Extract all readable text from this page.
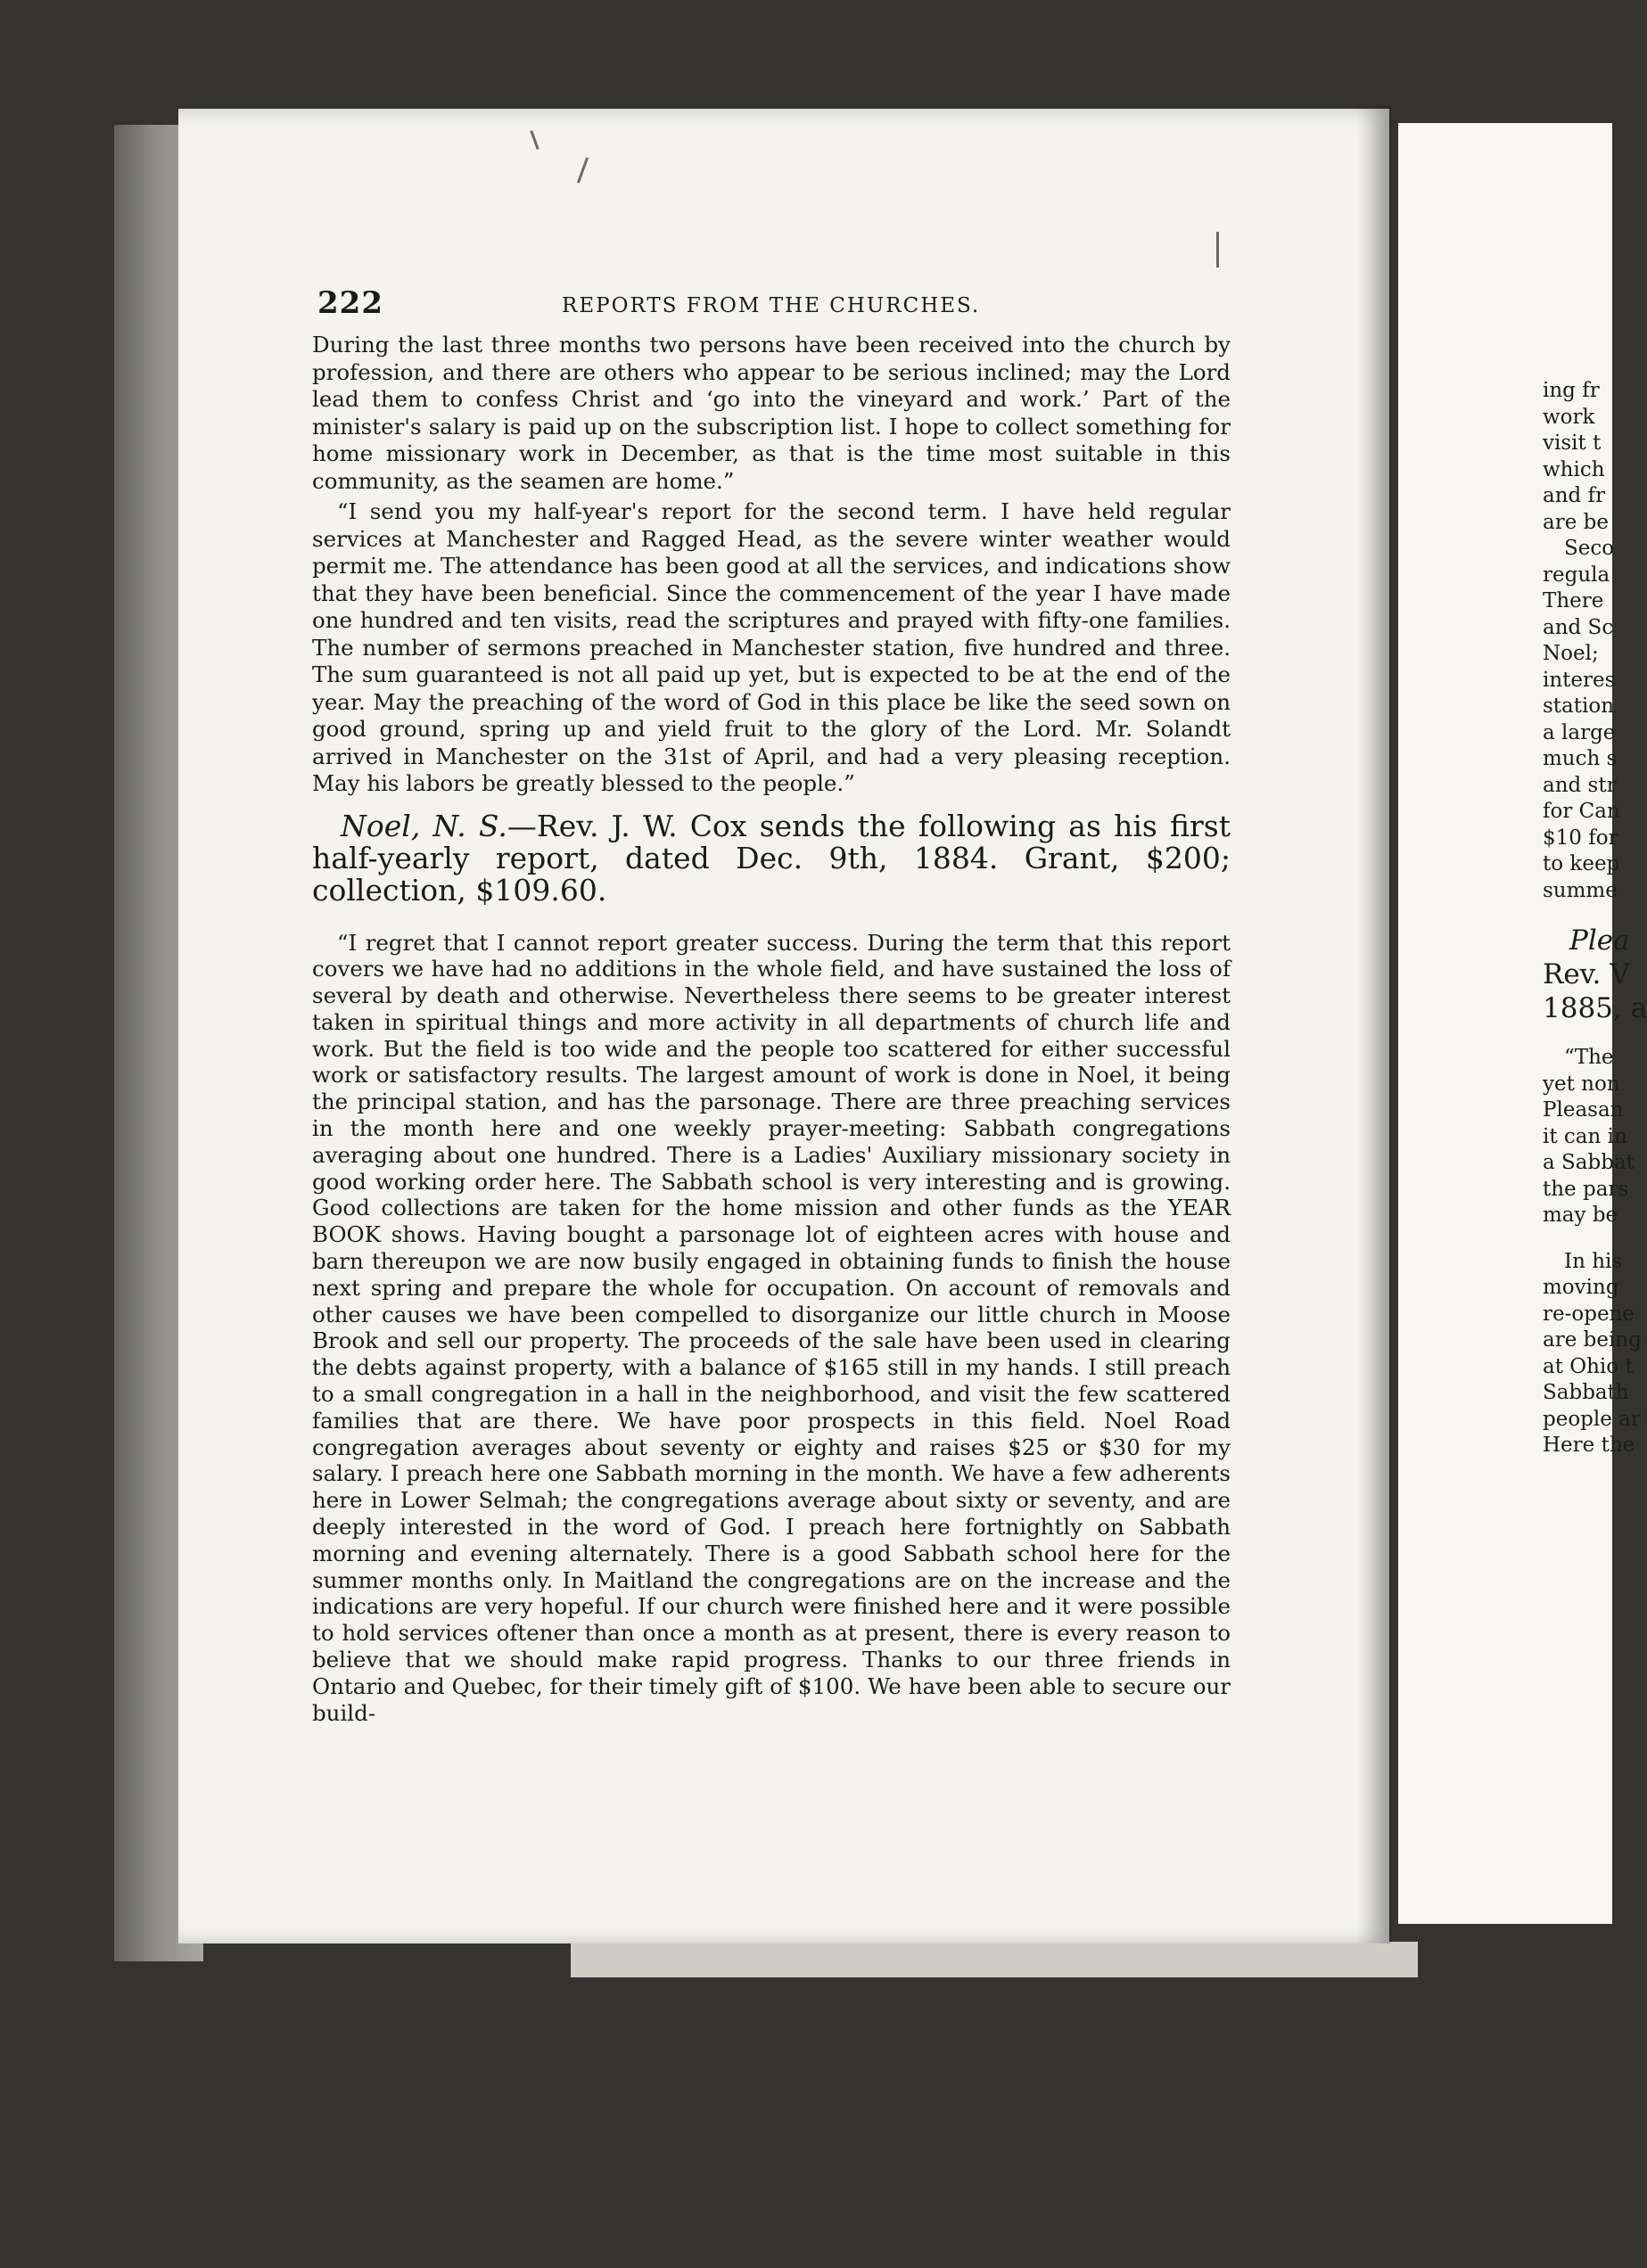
ing fr
work
visit t
which
and fr
are be
Seco
regula
There
and Sc
Noel;
interes
station
a large
much s
and str
for Can
$10 for
to keep
summe
Plea
Rev. V
1885, a
“The
yet non
Pleasan
it can in
a Sabbat
the pars
may be
In his
moving
re-opene
are being
at Ohio t
Sabbath
people ar
Here the
222	REPORTS FROM THE CHURCHES.

During the last three months two persons have been received into the church by profession, and there are others who appear to be serious inclined; may the Lord lead them to confess Christ and ‘go into the vineyard and work.’ Part of the minister's salary is paid up on the subscription list. I hope to collect something for home missionary work in December, as that is the time most suitable in this community, as the seamen are home.”

“I send you my half-year's report for the second term. I have held regular services at Manchester and Ragged Head, as the severe winter weather would permit me. The attendance has been good at all the services, and indications show that they have been beneficial. Since the commencement of the year I have made one hundred and ten visits, read the scriptures and prayed with fifty-one families. The number of sermons preached in Manchester station, five hundred and three. The sum guaranteed is not all paid up yet, but is expected to be at the end of the year. May the preaching of the word of God in this place be like the seed sown on good ground, spring up and yield fruit to the glory of the Lord. Mr. Solandt arrived in Manchester on the 31st of April, and had a very pleasing reception. May his labors be greatly blessed to the people.”

Noel, N. S.—Rev. J. W. Cox sends the following as his first half-yearly report, dated Dec. 9th, 1884. Grant, $200; collection, $109.60.

“I regret that I cannot report greater success. During the term that this report covers we have had no additions in the whole field, and have sustained the loss of several by death and otherwise. Nevertheless there seems to be greater interest taken in spiritual things and more activity in all departments of church life and work. But the field is too wide and the people too scattered for either successful work or satisfactory results. The largest amount of work is done in Noel, it being the principal station, and has the parsonage. There are three preaching services in the month here and one weekly prayer-meeting: Sabbath congregations averaging about one hundred. There is a Ladies' Auxiliary missionary society in good working order here. The Sabbath school is very interesting and is growing. Good collections are taken for the home mission and other funds as the YEAR BOOK shows. Having bought a parsonage lot of eighteen acres with house and barn thereupon we are now busily engaged in obtaining funds to finish the house next spring and prepare the whole for occupation. On account of removals and other causes we have been compelled to disorganize our little church in Moose Brook and sell our property. The proceeds of the sale have been used in clearing the debts against property, with a balance of $165 still in my hands. I still preach to a small congregation in a hall in the neighborhood, and visit the few scattered families that are there. We have poor prospects in this field. Noel Road congregation averages about seventy or eighty and raises $25 or $30 for my salary. I preach here one Sabbath morning in the month. We have a few adherents here in Lower Selmah; the congregations average about sixty or seventy, and are deeply interested in the word of God. I preach here fortnightly on Sabbath morning and evening alternately. There is a good Sabbath school here for the summer months only. In Maitland the congregations are on the increase and the indications are very hopeful. If our church were finished here and it were possible to hold services oftener than once a month as at present, there is every reason to believe that we should make rapid progress. Thanks to our three friends in Ontario and Quebec, for their timely gift of $100. We have been able to secure our build-
